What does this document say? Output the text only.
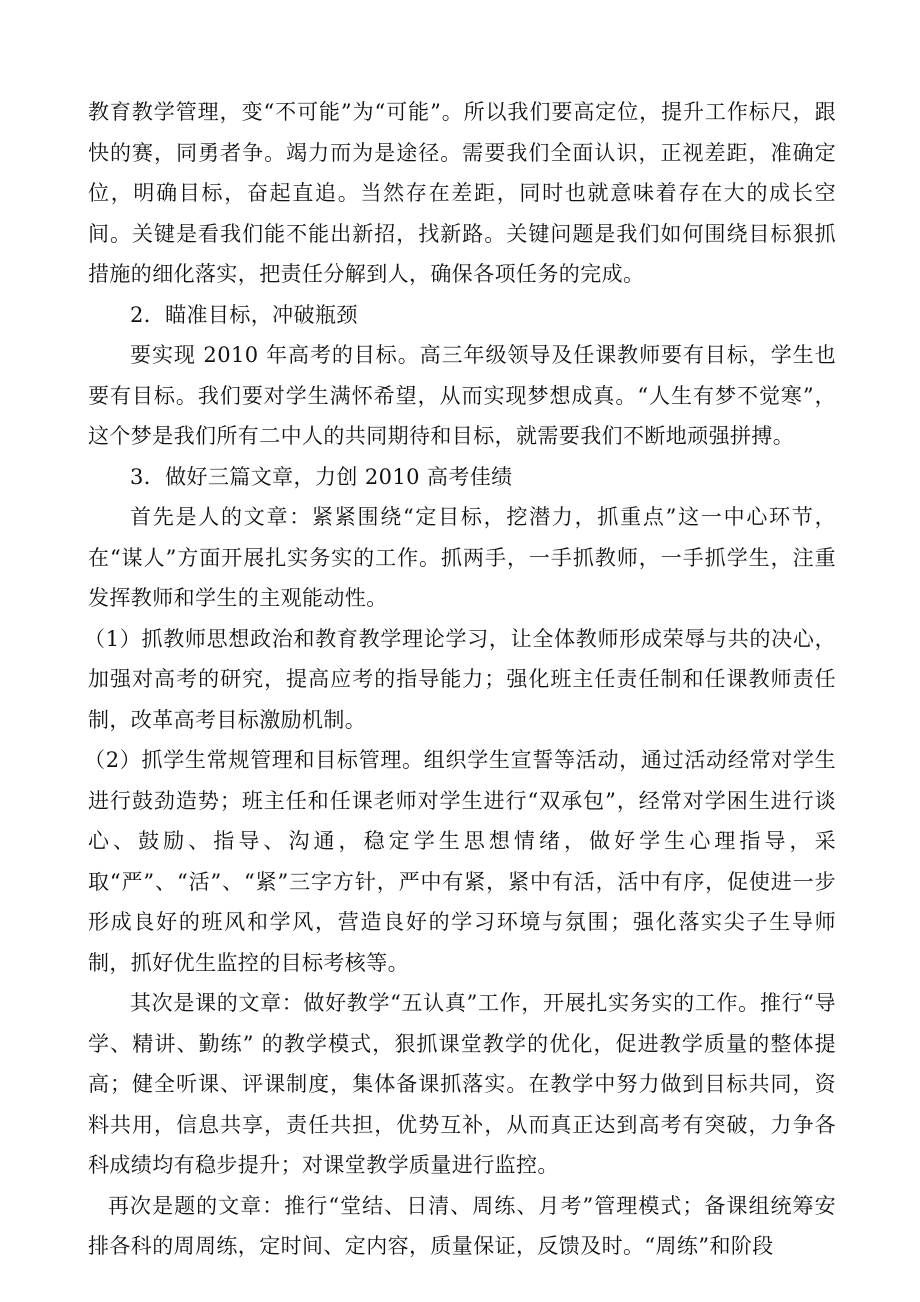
教育教学管理，变“不可能”为“可能”。所以我们要高定位，提升工作标尺，跟快的赛，同勇者争。竭力而为是途径。需要我们全面认识，正视差距，准确定位，明确目标，奋起直追。当然存在差距，同时也就意味着存在大的成长空间。关键是看我们能不能出新招，找新路。关键问题是我们如何围绕目标狠抓措施的细化落实，把责任分解到人，确保各项任务的完成。

2．瞄准目标，冲破瓶颈

要实现 2010 年高考的目标。高三年级领导及任课教师要有目标，学生也要有目标。我们要对学生满怀希望，从而实现梦想成真。“人生有梦不觉寒”，这个梦是我们所有二中人的共同期待和目标，就需要我们不断地顽强拼搏。

3．做好三篇文章，力创 2010 高考佳绩

首先是人的文章：紧紧围绕“定目标，挖潜力，抓重点”这一中心环节，在“谋人”方面开展扎实务实的工作。抓两手，一手抓教师，一手抓学生，注重发挥教师和学生的主观能动性。

（1）抓教师思想政治和教育教学理论学习，让全体教师形成荣辱与共的决心，加强对高考的研究，提高应考的指导能力；强化班主任责任制和任课教师责任制，改革高考目标激励机制。

（2）抓学生常规管理和目标管理。组织学生宣誓等活动，通过活动经常对学生进行鼓劲造势；班主任和任课老师对学生进行“双承包”，经常对学困生进行谈心、鼓励、指导、沟通，稳定学生思想情绪，做好学生心理指导，采取“严”、“活”、“紧”三字方针，严中有紧，紧中有活，活中有序，促使进一步形成良好的班风和学风，营造良好的学习环境与氛围；强化落实尖子生导师制，抓好优生监控的目标考核等。

其次是课的文章：做好教学“五认真”工作，开展扎实务实的工作。推行“导学、精讲、勤练” 的教学模式，狠抓课堂教学的优化，促进教学质量的整体提高；健全听课、评课制度，集体备课抓落实。在教学中努力做到目标共同，资料共用，信息共享，责任共担，优势互补，从而真正达到高考有突破，力争各科成绩均有稳步提升；对课堂教学质量进行监控。

再次是题的文章：推行“堂结、日清、周练、月考”管理模式；备课组统筹安排各科的周周练，定时间、定内容，质量保证，反馈及时。“周练”和阶段
